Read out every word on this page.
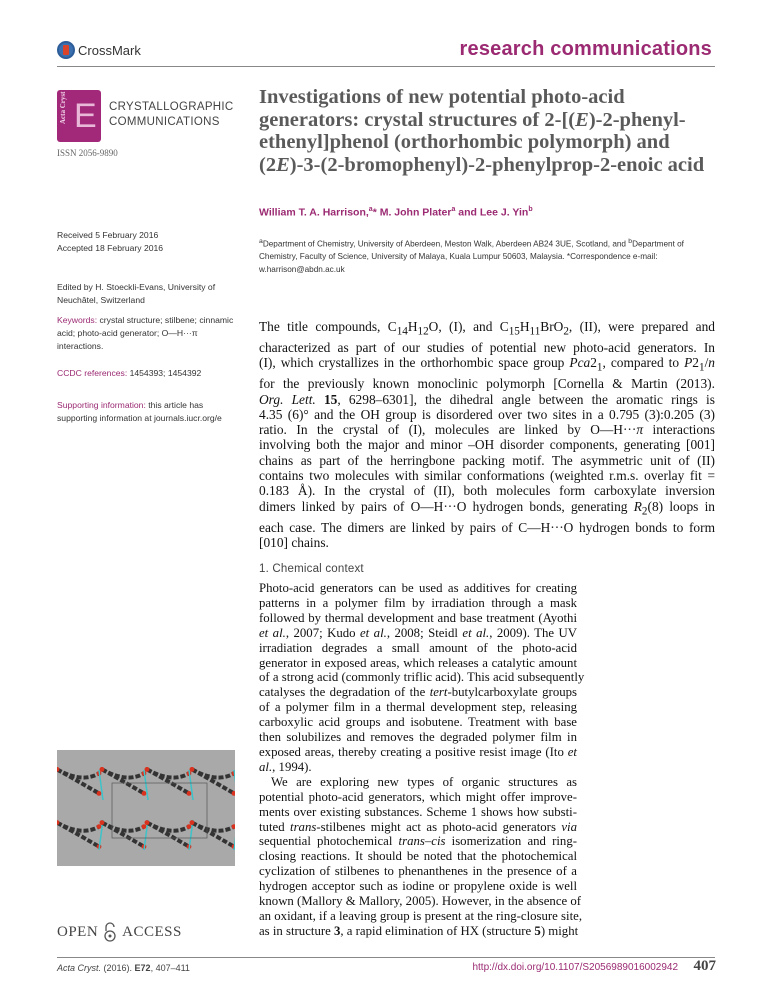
CrossMark	research communications
Acta Cryst E CRYSTALLOGRAPHIC
COMMUNICATIONS
ISSN 2056-9890
Investigations of new potential photo-acid
generators: crystal structures of 2-[(E)-2-phenyl-
ethenyl]phenol (orthorhombic polymorph) and
(2E)-3-(2-bromophenyl)-2-phenylprop-2-enoic acid
William T. A. Harrison,$^a$* M. John Plater$^a$ and Lee J. Yin$^b$
$^a$Department of Chemistry, University of Aberdeen, Meston Walk, Aberdeen AB24 3UE, Scotland, and $^b$Department of
Chemistry, Faculty of Science, University of Malaya, Kuala Lumpur 50603, Malaysia. *Correspondence e-mail:
w.harrison@abdn.ac.uk
Received 5 February 2016
Accepted 18 February 2016
Edited by H. Stoeckli-Evans, University of Neuchâtel, Switzerland
Keywords: crystal structure; stilbene; cinnamic acid; photo-acid generator; O—H···π interactions.
CCDC references: 1454393; 1454392
Supporting information: this article has supporting information at journals.iucr.org/e
The title compounds, $C_{14}H_{12}O$, (I), and $C_{15}H_{11}BrO_2$, (II), were prepared and
characterized as part of our studies of potential new photo-acid generators. In
(I), which crystallizes in the orthorhombic space group $Pca2_1$, compared to $P2_1/n$
for the previously known monoclinic polymorph [Cornella & Martin (2013).
Org. Lett. 15, 6298–6301], the dihedral angle between the aromatic rings is
4.35 (6)° and the OH group is disordered over two sites in a 0.795 (3):0.205 (3)
ratio. In the crystal of (I), molecules are linked by O—H···π interactions
involving both the major and minor –OH disorder components, generating [001]
chains as part of the herringbone packing motif. The asymmetric unit of (II)
contains two molecules with similar conformations (weighted r.m.s. overlay fit =
0.183 Å). In the crystal of (II), both molecules form carboxylate inversion
dimers linked by pairs of O—H···O hydrogen bonds, generating $R_2(8)$ loops in
each case. The dimers are linked by pairs of C—H···O hydrogen bonds to form
[010] chains.
1. Chemical context
Photo-acid generators can be used as additives for creating
patterns in a polymer film by irradiation through a mask
followed by thermal development and base treatment (Ayothi
et al., 2007; Kudo et al., 2008; Steidl et al., 2009). The UV
irradiation degrades a small amount of the photo-acid
generator in exposed areas, which releases a catalytic amount
of a strong acid (commonly triflic acid). This acid subsequently
catalyses the degradation of the tert-butylcarboxylate groups
of a polymer film in a thermal development step, releasing
carboxylic acid groups and isobutene. Treatment with base
then solubilizes and removes the degraded polymer film in
exposed areas, thereby creating a positive resist image (Ito et
al., 1994).
We are exploring new types of organic structures as
potential photo-acid generators, which might offer improve-
ments over existing substances. Scheme 1 shows how substi-
tuted trans-stilbenes might act as photo-acid generators via
sequential photochemical trans–cis isomerization and ring-
closing reactions. It should be noted that the photochemical
cyclization of stilbenes to phenanthenes in the presence of a
hydrogen acceptor such as iodine or propylene oxide is well
known (Mallory & Mallory, 2005). However, in the absence of
an oxidant, if a leaving group is present at the ring-closure site,
as in structure 3, a rapid elimination of HX (structure 5) might
OPEN ACCESS
Acta Cryst. (2016). E72, 407–411	http://dx.doi.org/10.1107/S2056989016002942 407
